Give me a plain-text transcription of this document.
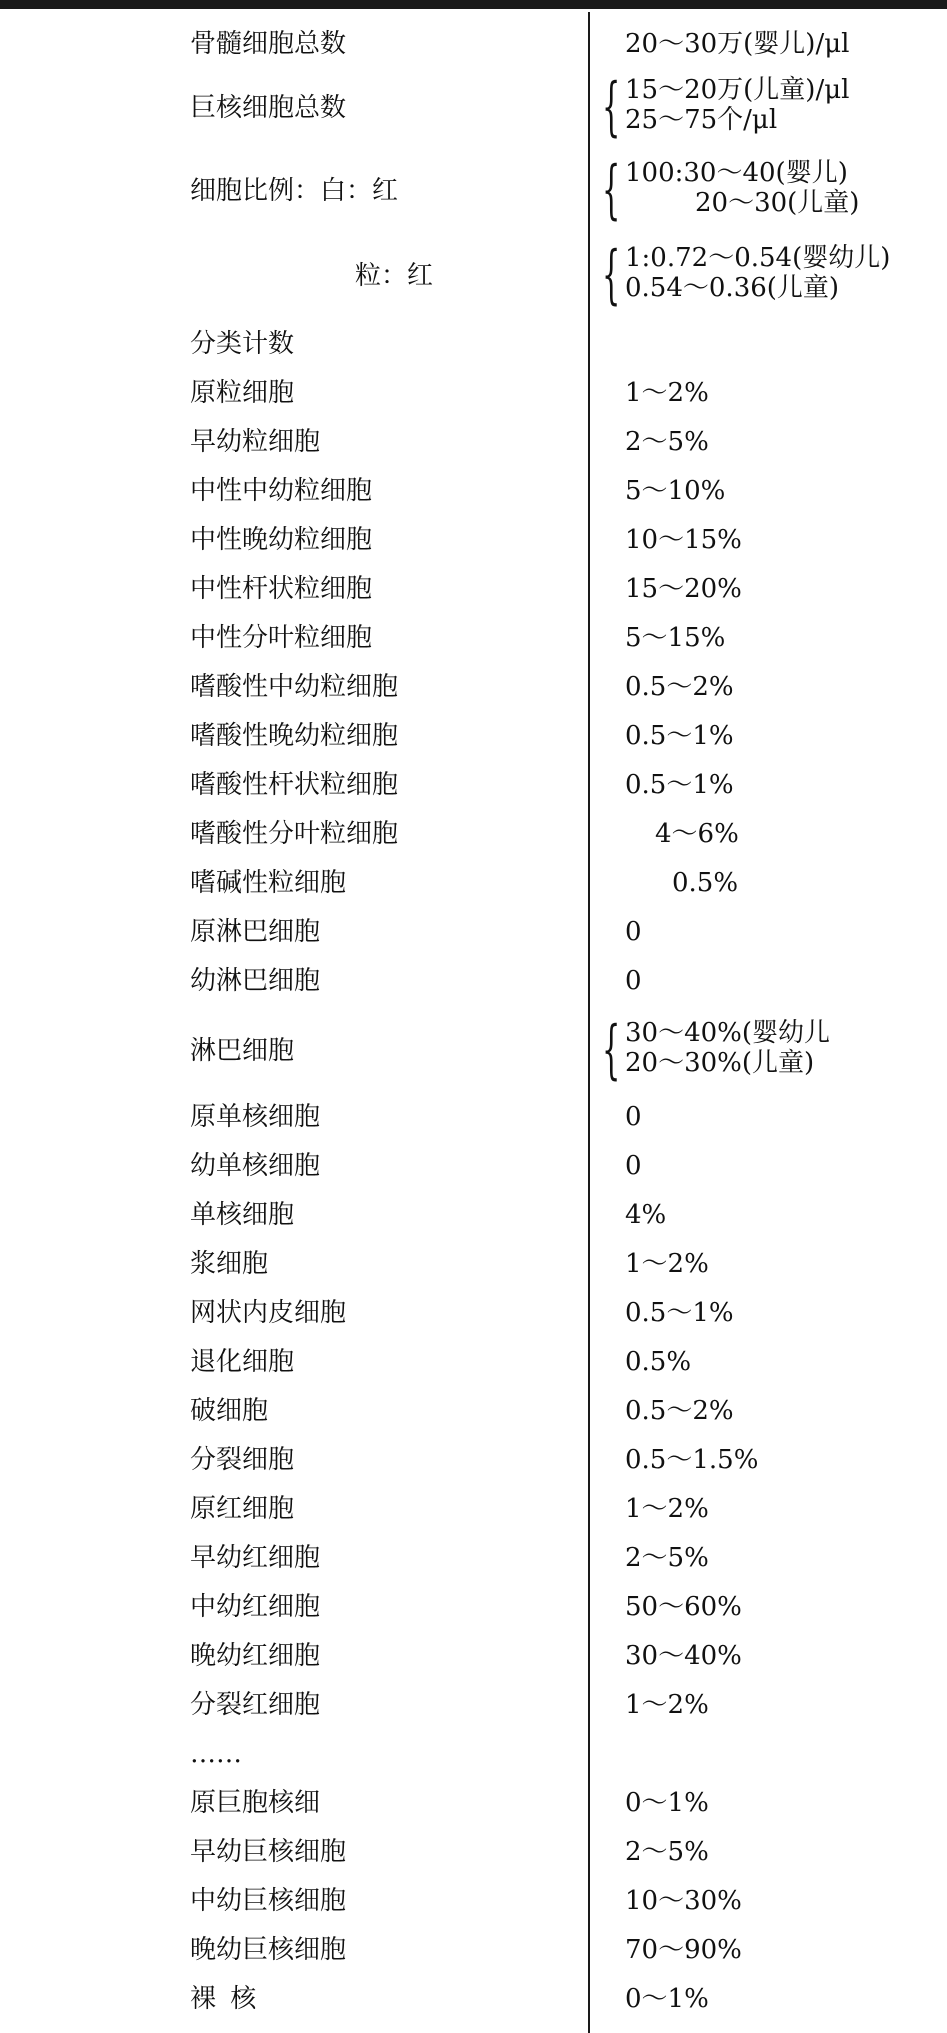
骨髓细胞总数	20～30万(婴儿)/μl
巨核细胞总数	{ 15～20万(儿童)/μl
25～75个/μl
细胞比例：白：红	{ 100:30～40(婴儿)
20～30(儿童)
粒：红	{ 1:0.72～0.54(婴幼儿)
0.54～0.36(儿童)
分类计数
原粒细胞	1～2%
早幼粒细胞	2～5%
中性中幼粒细胞	5～10%
中性晚幼粒细胞	10～15%
中性杆状粒细胞	15～20%
中性分叶粒细胞	5～15%
嗜酸性中幼粒细胞	0.5～2%
嗜酸性晚幼粒细胞	0.5～1%
嗜酸性杆状粒细胞	0.5～1%
嗜酸性分叶粒细胞	4～6%
嗜碱性粒细胞	0.5%
原淋巴细胞	0
幼淋巴细胞	0
淋巴细胞	{ 30～40%(婴幼儿
20～30%(儿童)
原单核细胞	0
幼单核细胞	0
单核细胞	4%
浆细胞	1～2%
网状内皮细胞	0.5～1%
退化细胞	0.5%
破细胞	0.5～2%
分裂细胞	0.5～1.5%
原红细胞	1～2%
早幼红细胞	2～5%
中幼红细胞	50～60%
晚幼红细胞	30～40%
分裂红细胞	1～2%
……
原巨胞核细	0～1%
早幼巨核细胞	2～5%
中幼巨核细胞	10～30%
晚幼巨核细胞	70～90%
裸 核	0～1%
